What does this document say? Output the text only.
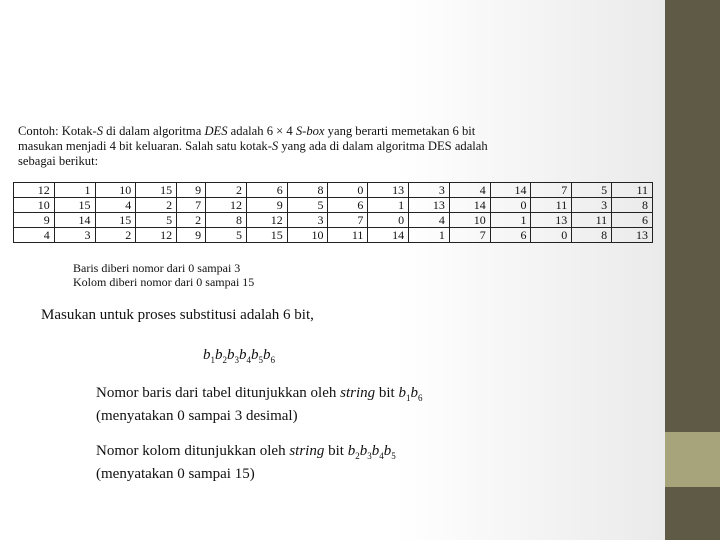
Contoh: Kotak-S di dalam algoritma DES adalah 6 × 4 S-box yang berarti memetakan 6 bit
masukan menjadi 4 bit keluaran. Salah satu kotak-S yang ada di dalam algoritma DES adalah
sebagai berikut:
12	1	10	15	9	2	6	8	0	13	3	4	14	7	5	11
10	15	4	2	7	12	9	5	6	1	13	14	0	11	3	8
9	14	15	5	2	8	12	3	7	0	4	10	1	13	11	6
4	3	2	12	9	5	15	10	11	14	1	7	6	0	8	13
Baris diberi nomor dari 0 sampai 3
Kolom diberi nomor dari 0 sampai 15
Masukan untuk proses substitusi adalah 6 bit,
$b_1b_2b_3b_4b_5b_6$
Nomor baris dari tabel ditunjukkan oleh string bit $b_1b_6$
(menyatakan 0 sampai 3 desimal)
Nomor kolom ditunjukkan oleh string bit $b_2b_3b_4b_5$
(menyatakan 0 sampai 15)
